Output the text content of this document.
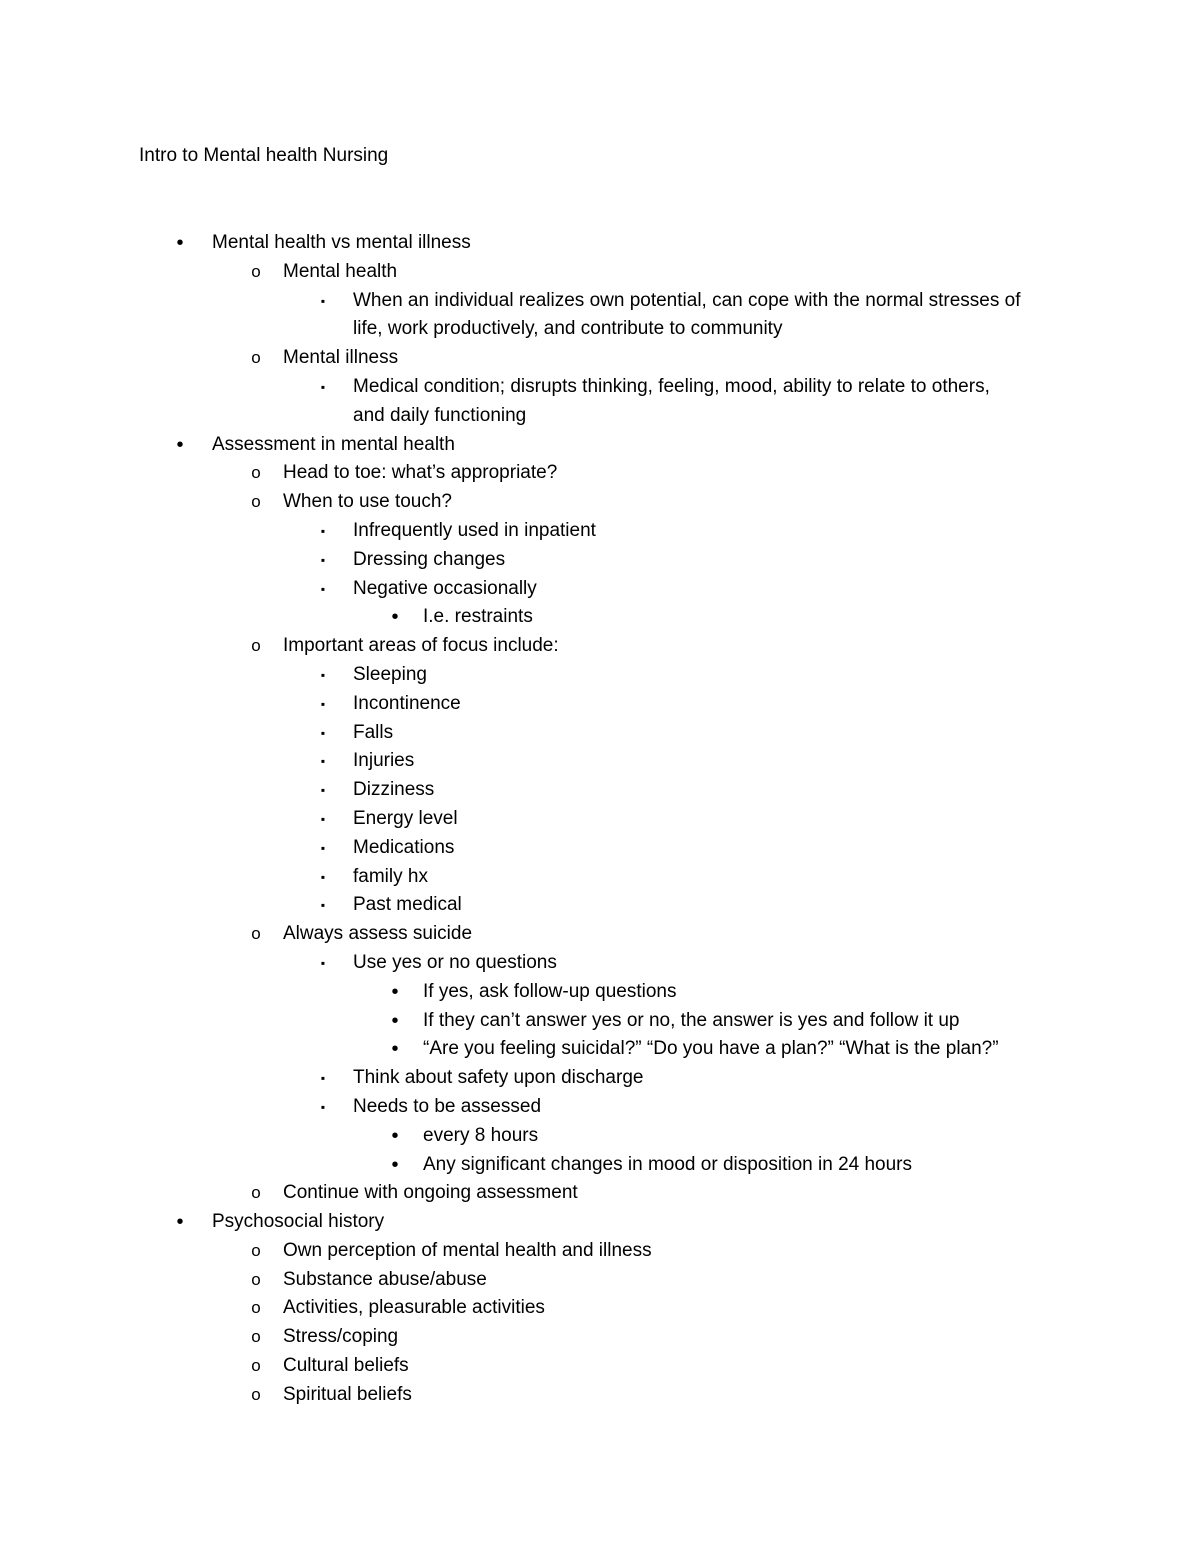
Intro to Mental health Nursing
•	Mental health vs mental illness

o Mental health

▪	When an individual realizes own potential, can cope with the normal stresses of

life, work productively, and contribute to community

o Mental illness

▪	Medical condition; disrupts thinking, feeling, mood, ability to relate to others,

and daily functioning

•	Assessment in mental health

o Head to toe: what’s appropriate?

o When to use touch?

▪	Infrequently used in inpatient

▪	Dressing changes

▪	Negative occasionally

•	I.e. restraints

o Important areas of focus include:

▪	Sleeping

▪	Incontinence

▪	Falls

▪	Injuries

▪	Dizziness

▪	Energy level

▪	Medications

▪	family hx

▪	Past medical

o Always assess suicide

▪	Use yes or no questions

•	If yes, ask follow-up questions

•	If they can’t answer yes or no, the answer is yes and follow it up

•	“Are you feeling suicidal?” “Do you have a plan?” “What is the plan?”

▪	Think about safety upon discharge

▪	Needs to be assessed

•	every 8 hours

•	Any significant changes in mood or disposition in 24 hours

o Continue with ongoing assessment

•	Psychosocial history

o Own perception of mental health and illness

o Substance abuse/abuse

o Activities, pleasurable activities

o Stress/coping

o Cultural beliefs

o Spiritual beliefs
